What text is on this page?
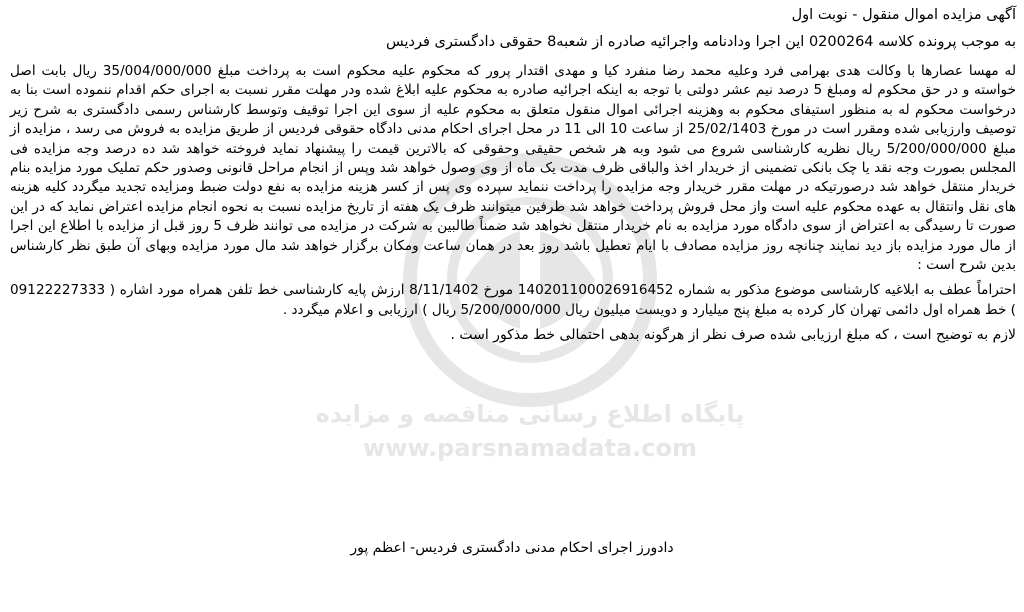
پایگاه اطلاع رسانی مناقصه و مزایده
www.parsnamadata.com
آگهی مزایده اموال منقول - نوبت اول
به موجب پرونده کلاسه 0200264 این اجرا ودادنامه واجرائیه صادره از شعبه8 حقوقی دادگستری فردیس
له مهسا عصارها با وکالت هدی بهرامی فرد وعلیه محمد رضا منفرد کیا و مهدی اقتدار پرور که محکوم علیه محکوم است به پرداخت مبلغ 35/004/000/000 ریال بابت اصل خواسته و در حق محکوم له ومبلغ 5 درصد نیم عشر دولتی با توجه به اینکه اجرائیه صادره به محکوم علیه ابلاغ شده ودر مهلت مقرر نسبت به اجرای حکم اقدام ننموده است بنا به درخواست محکوم له به منظور استیفای محکوم به وهزینه اجرائی اموال منقول متعلق به محکوم علیه از سوی این اجرا توقیف وتوسط کارشناس رسمی دادگستری به شرح زیر توصیف وارزیابی شده ومقرر است در مورخ 25/02/1403 از ساعت 10 الی 11 در محل اجرای احکام مدنی دادگاه حقوقی فردیس از طریق مزایده به فروش می رسد ، مزایده از مبلغ 5/200/000/000 ریال نظریه کارشناسی شروع می شود وبه هر شخص حقیقی وحقوقی که بالاترین قیمت را پیشنهاد نماید فروخته خواهد شد ده درصد وجه مزایده فی المجلس بصورت وجه نقد یا چک بانکی تضمینی از خریدار اخذ والباقی ظرف مدت یک ماه از وی وصول خواهد شد وپس از انجام مراحل قانونی وصدور حکم تملیک مورد مزایده بنام خریدار منتقل خواهد شد درصورتیکه در مهلت مقرر خریدار وجه مزایده را پرداخت ننماید سپرده وی پس از کسر هزینه مزایده به نفع دولت ضبط ومزایده تجدید میگردد کلیه هزینه های نقل وانتقال به عهده محکوم علیه است واز محل فروش پرداخت خواهد شد طرفین میتوانند ظرف یک هفته از تاریخ مزایده نسبت به نحوه انجام مزایده اعتراض نماید که در این صورت تا رسیدگی به اعتراض از سوی دادگاه مورد مزایده به نام خریدار منتقل نخواهد شد ضمناً طالبین به شرکت در مزایده می توانند ظرف 5 روز قبل از مزایده با اطلاع این اجرا از مال مورد مزایده باز دید نمایند چنانچه روز مزایده مصادف با ایام تعطیل باشد روز بعد در همان ساعت ومکان برگزار خواهد شد مال مورد مزایده وبهای آن طبق نظر کارشناس بدین شرح است :
احتراماً عطف به ابلاغیه کارشناسی موضوع مذکور به شماره 140201100026916452 مورخ 8/11/1402 ارزش پایه کارشناسی خط تلفن همراه مورد اشاره ( 09122227333 ) خط همراه اول دائمی تهران کار کرده به مبلغ پنج میلیارد و دویست میلیون ریال 5/200/000/000 ریال ) ارزیابی و اعلام میگردد .
لازم به توضیح است ، که مبلغ ارزیابی شده صرف نظر از هرگونه بدهی احتمالی خط مذکور است .
دادورز اجرای احکام مدنی دادگستری فردیس- اعظم پور
